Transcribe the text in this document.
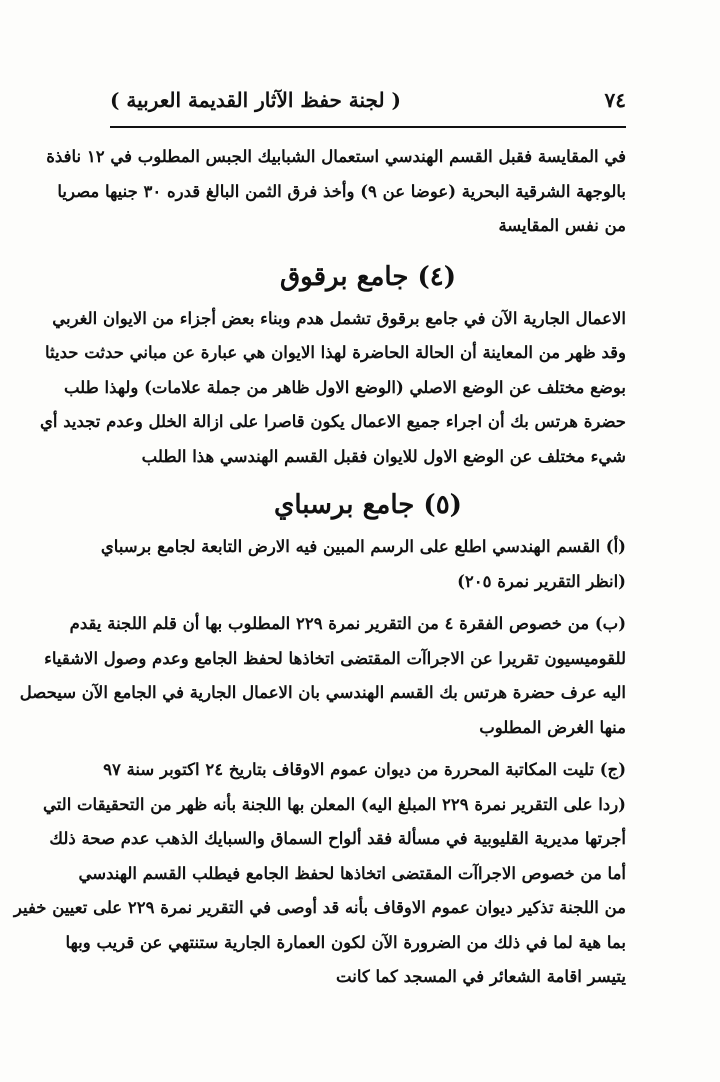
٧٤
( لجنة حفظ الآثار القديمة العربية )

في المقايسة فقبل القسم الهندسي استعمال الشبابيك الجبس المطلوب في ١٢ نافذة
بالوجهة الشرقية البحرية (عوضا عن ٩) وأخذ فرق الثمن البالغ قدره ٣٠ جنيها مصريا
من نفس المقايسة

(٤) جامع برقوق

الاعمال الجارية الآن في جامع برقوق تشمل هدم وبناء بعض أجزاء من الايوان الغربي
وقد ظهر من المعاينة أن الحالة الحاضرة لهذا الايوان هي عبارة عن مباني حدثت حديثا
بوضع مختلف عن الوضع الاصلي (الوضع الاول ظاهر من جملة علامات) ولهذا طلب
حضرة هرتس بك أن اجراء جميع الاعمال يكون قاصرا على ازالة الخلل وعدم تجديد أي
شيء مختلف عن الوضع الاول للايوان فقبل القسم الهندسي هذا الطلب

(٥) جامع برسباي

(أ) القسم الهندسي اطلع على الرسم المبين فيه الارض التابعة لجامع برسباي
(انظر التقرير نمرة ٢٠٥)

(ب) من خصوص الفقرة ٤ من التقرير نمرة ٢٢٩ المطلوب بها أن قلم اللجنة يقدم
للقوميسيون تقريرا عن الاجراآت المقتضى اتخاذها لحفظ الجامع وعدم وصول الاشقياء
اليه عرف حضرة هرتس بك القسم الهندسي بان الاعمال الجارية في الجامع الآن سيحصل
منها الغرض المطلوب

(ج) تليت المكاتبة المحررة من ديوان عموم الاوقاف بتاريخ ٢٤ اكتوبر سنة ٩٧
(ردا على التقرير نمرة ٢٢٩ المبلغ اليه) المعلن بها اللجنة بأنه ظهر من التحقيقات التي
أجرتها مديرية القليوبية في مسألة فقد ألواح السماق والسبايك الذهب عدم صحة ذلك
أما من خصوص الاجراآت المقتضى اتخاذها لحفظ الجامع فيطلب القسم الهندسي
من اللجنة تذكير ديوان عموم الاوقاف بأنه قد أوصى في التقرير نمرة ٢٢٩ على تعيين خفير
بما هية لما في ذلك من الضرورة الآن لكون العمارة الجارية ستنتهي عن قريب وبها
يتيسر اقامة الشعائر في المسجد كما كانت
